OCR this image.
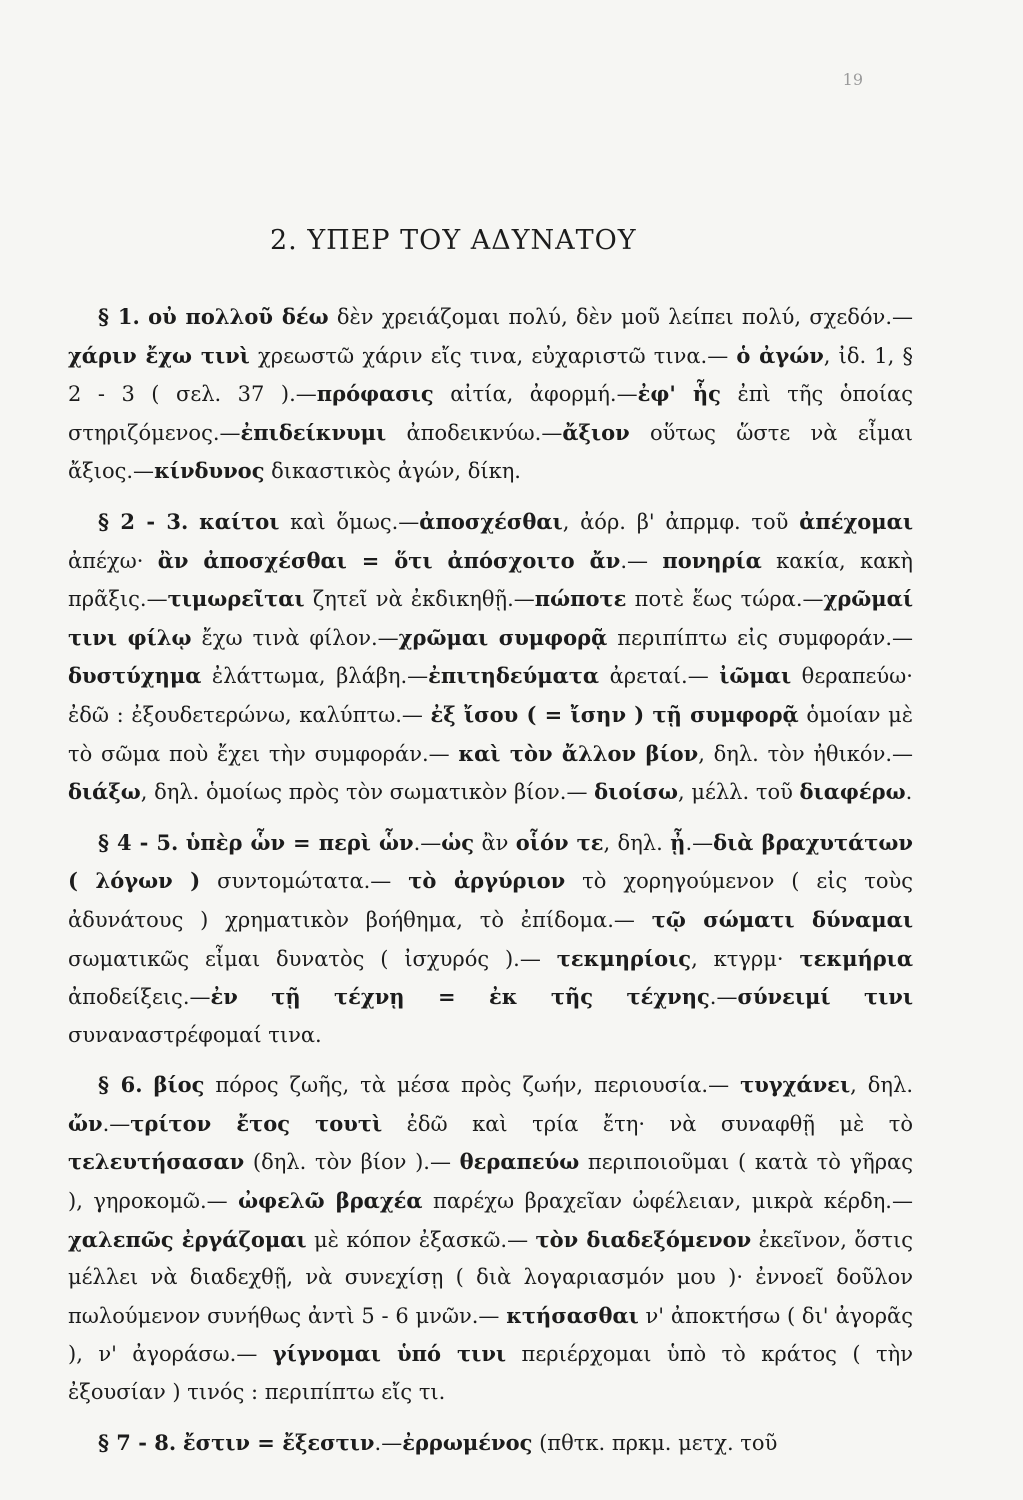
19
2. ΥΠΕΡ ΤΟΥ ΑΔΥΝΑΤΟΥ

§ 1. οὐ πολλοῦ δέω δὲν χρειάζομαι πολύ, δὲν μοῦ λείπει πολύ, σχεδόν.— χάριν ἔχω τινὶ χρεωστῶ χάριν εἴς τινα, εὐχαριστῶ τινα.— ὁ ἀγών, ἰδ. 1, § 2 - 3 ( σελ. 37 ).—πρόφασις αἰτία, ἀφορμή.—ἐφ' ἧς ἐπὶ τῆς ὁποίας στηριζόμενος.—ἐπιδείκνυμι ἀποδεικνύω.—ἄξιον οὕτως ὥστε νὰ εἶμαι ἄξιος.—κίνδυνος δικαστικὸς ἀγών, δίκη.

§ 2 - 3. καίτοι καὶ ὅμως.—ἀποσχέσθαι, ἀόρ. β' ἀπρμφ. τοῦ ἀπέχομαι ἀπέχω· ἂν ἀποσχέσθαι = ὅτι ἀπόσχοιτο ἄν.— πονηρία κακία, κακὴ πρᾶξις.—τιμωρεῖται ζητεῖ νὰ ἐκδικηθῇ.—πώποτε ποτὲ ἕως τώρα.—χρῶμαί τινι φίλῳ ἔχω τινὰ φίλον.—χρῶμαι συμφορᾷ περιπίπτω εἰς συμφοράν.— δυστύχημα ἐλάττωμα, βλάβη.—ἐπιτηδεύματα ἀρεταί.— ἰῶμαι θεραπεύω· ἐδῶ : ἐξουδετερώνω, καλύπτω.— ἐξ ἴσου ( = ἴσην ) τῇ συμφορᾷ ὁμοίαν μὲ τὸ σῶμα ποὺ ἔχει τὴν συμφοράν.— καὶ τὸν ἄλλον βίον, δηλ. τὸν ἠθικόν.— διάξω, δηλ. ὁμοίως πρὸς τὸν σωματικὸν βίον.— διοίσω, μέλλ. τοῦ διαφέρω.

§ 4 - 5. ὑπὲρ ὧν = περὶ ὧν.—ὡς ἂν οἷόν τε, δηλ. ᾖ.—διὰ βραχυτάτων ( λόγων ) συντομώτατα.— τὸ ἀργύριον τὸ χορηγούμενον ( εἰς τοὺς ἀδυνάτους ) χρηματικὸν βοήθημα, τὸ ἐπίδομα.— τῷ σώματι δύναμαι σωματικῶς εἶμαι δυνατὸς ( ἰσχυρός ).— τεκμηρίοις, κτγρμ· τεκμήρια ἀποδείξεις.—ἐν τῇ τέχνῃ = ἐκ τῆς τέχνης.—σύνειμί τινι συναναστρέφομαί τινα.

§ 6. βίος πόρος ζωῆς, τὰ μέσα πρὸς ζωήν, περιουσία.— τυγχάνει, δηλ. ὤν.—τρίτον ἔτος τουτὶ ἐδῶ καὶ τρία ἔτη· νὰ συναφθῇ μὲ τὸ τελευτήσασαν (δηλ. τὸν βίον ).— θεραπεύω περιποιοῦμαι ( κατὰ τὸ γῆρας ), γηροκομῶ.— ὠφελῶ βραχέα παρέχω βραχεῖαν ὠφέλειαν, μικρὰ κέρδη.— χαλεπῶς ἐργάζομαι μὲ κόπον ἐξασκῶ.— τὸν διαδεξόμενον ἐκεῖνον, ὅστις μέλλει νὰ διαδεχθῇ, νὰ συνεχίσῃ ( διὰ λογαριασμόν μου )· ἐννοεῖ δοῦλον πωλούμενον συνήθως ἀντὶ 5 - 6 μνῶν.— κτήσασθαι ν' ἀποκτήσω ( δι' ἀγορᾶς ), ν' ἀγοράσω.— γίγνομαι ὑπό τινι περιέρχομαι ὑπὸ τὸ κράτος ( τὴν ἐξουσίαν ) τινός : περιπίπτω εἴς τι.

§ 7 - 8. ἔστιν = ἔξεστιν.—ἐρρωμένος (πθτκ. πρκμ. μετχ. τοῦ
